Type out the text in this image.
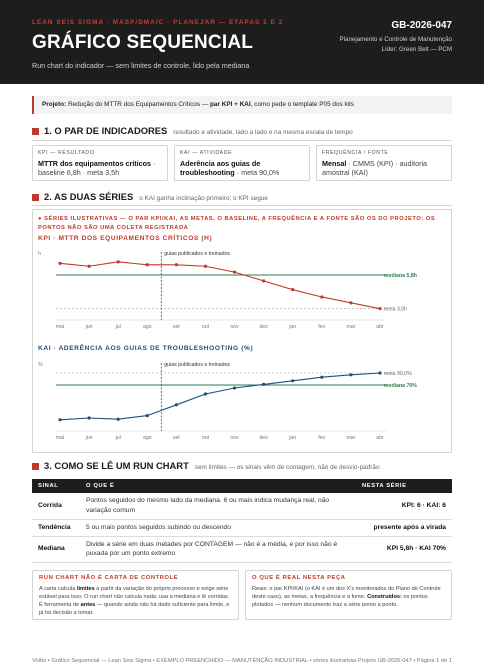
LEAN SEIS SIGMA · MASP/DMAIC · PLANEJAR — ETAPAS 1 E 2
GRÁFICO SEQUENCIAL
Run chart do indicador — sem limites de controle, lido pela mediana
GB-2026-047
Planejamento e Controle de Manutenção
Líder: Green Belt — PCM
Projeto: Redução do MTTR dos Equipamentos Críticos — par KPI + KAI, como pede o template P05 dos kits
1. O PAR DE INDICADORES resultado e atividade, lado a lado e na mesma escala de tempo
KPI — RESULTADO
MTTR dos equipamentos críticos · baseline 6,8h · meta 3,5h
KAI — ATIVIDADE
Aderência aos guias de troubleshooting · meta 90,0%
FREQUÊNCIA / FONTE
Mensal · CMMS (KPI) · auditoria amostral (KAI)
2. AS DUAS SÉRIES o KAI ganha inclinação primeiro; o KPI segue
● SÉRIES ILUSTRATIVAS — O PAR KPI/KAI, AS METAS, O BASELINE, A FREQUÊNCIA E A FONTE SÃO OS DO PROJETO; OS PONTOS NÃO SÃO UMA COLETA REGISTRADA
KPI · MTTR DOS EQUIPAMENTOS CRÍTICOS (H)
h
mediana 5,8h
meta 3,5h
guias publicados e treinados
mai	jun	jul	ago	set	out	nov	dez	jan	fev	mar	abr
KAI · ADERÊNCIA AOS GUIAS DE TROUBLESHOOTING (%)
%
mediana 70%
meta 90,0%
guias publicados e treinados
mai	jun	jul	ago	set	out	nov	dez	jan	fev	mar	abr
3. COMO SE LÊ UM RUN CHART sem limites — os sinais vêm de contagem, não de desvio-padrão
SINAL	O QUE É	NESTA SÉRIE
Corrida	Pontos seguidos do mesmo lado da mediana. 6 ou mais indica mudança real, não variação comum	KPI: 6 · KAI: 6
Tendência	5 ou mais pontos seguidos subindo ou descendo	presente após a virada
Mediana	Divide a série em duas metades por CONTAGEM — não é a média, e por isso não é puxada por um ponto extremo	KPI 5,8h · KAI 70%
RUN CHART NÃO É CARTA DE CONTROLE
A carta calcula limites a partir da variação do próprio processo e exige série estável para isso. O run chart não calcula nada: usa a mediana e lê corridas. É ferramenta de antes — quando ainda não há dado suficiente para limite, e já há decisão a tomar.
O QUE É REAL NESTA PEÇA
Reais: o par KPI/KAI (o KAI é um dos X's monitorados do Plano de Controle deste caso), as metas, a frequência e a fonte. Construídos: os pontos plotados — nenhum documento traz a série ponto a ponto.
Voitto • Gráfico Sequencial — Lean Seis Sigma • EXEMPLO PREENCHIDO — MANUTENÇÃO INDUSTRIAL • séries ilustrativas Projeto GB-2026-047 • Página 1 de 1
